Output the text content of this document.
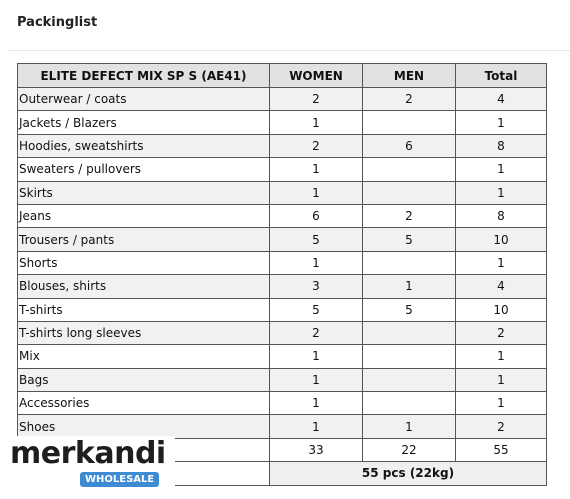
Packinglist
ELITE DEFECT MIX SP S (AE41)	WOMEN	MEN	Total
Outerwear / coats	2	2	4
Jackets / Blazers	1		1
Hoodies, sweatshirts	2	6	8
Sweaters / pullovers	1		1
Skirts	1		1
Jeans	6	2	8
Trousers / pants	5	5	10
Shorts	1		1
Blouses, shirts	3	1	4
T-shirts	5	5	10
T-shirts long sleeves	2		2
Mix	1		1
Bags	1		1
Accessories	1		1
Shoes	1	1	2
	33	22	55
	55 pcs (22kg)		
merkandi
WHOLESALE
